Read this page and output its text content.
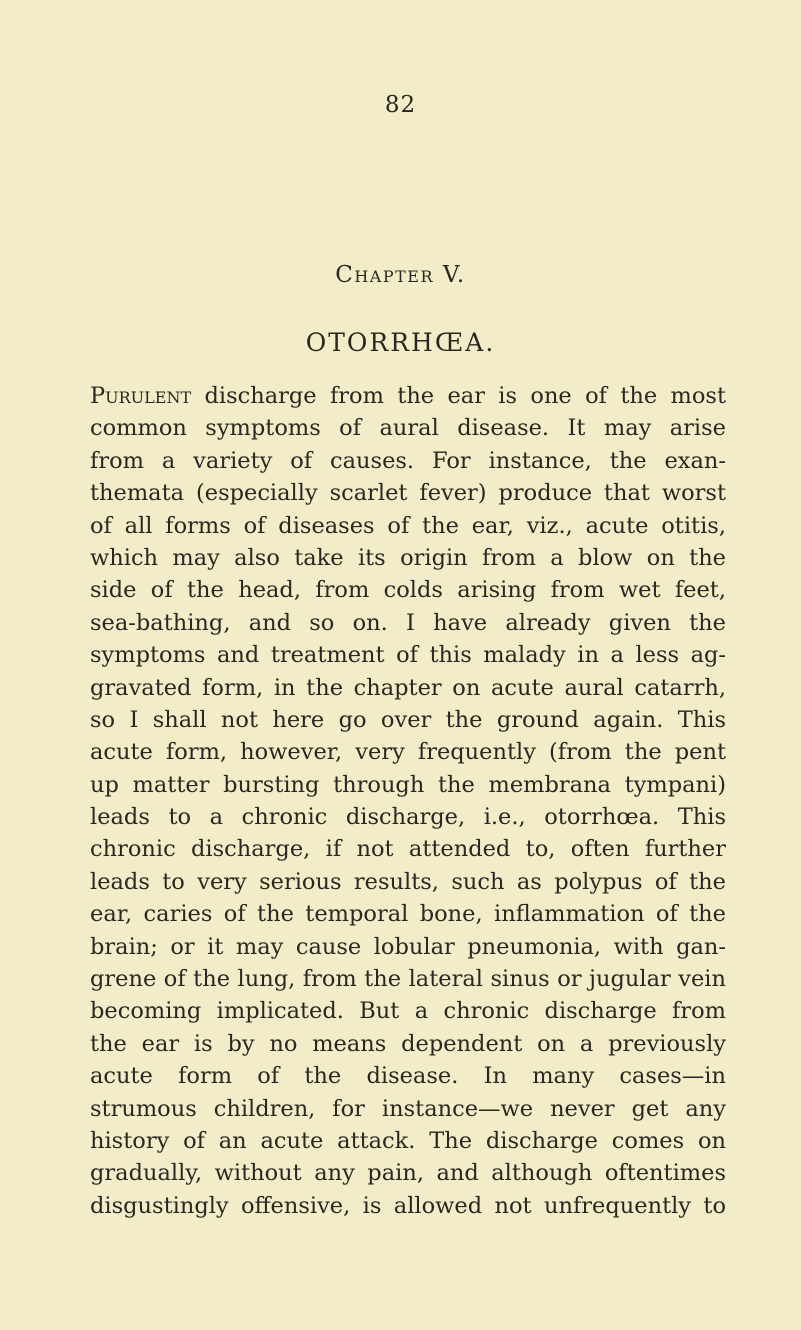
82
Chapter V.
OTORRHŒA.
Purulent discharge from the ear is one of the most
common symptoms of aural disease. It may arise
from a variety of causes. For instance, the exan-
themata (especially scarlet fever) produce that worst
of all forms of diseases of the ear, viz., acute otitis,
which may also take its origin from a blow on the
side of the head, from colds arising from wet feet,
sea-bathing, and so on. I have already given the
symptoms and treatment of this malady in a less ag-
gravated form, in the chapter on acute aural catarrh,
so I shall not here go over the ground again. This
acute form, however, very frequently (from the pent
up matter bursting through the membrana tympani)
leads to a chronic discharge, i.e., otorrhœa. This
chronic discharge, if not attended to, often further
leads to very serious results, such as polypus of the
ear, caries of the temporal bone, inflammation of the
brain; or it may cause lobular pneumonia, with gan-
grene of the lung, from the lateral sinus or jugular vein
becoming implicated. But a chronic discharge from
the ear is by no means dependent on a previously
acute form of the disease. In many cases—in
strumous children, for instance—we never get any
history of an acute attack. The discharge comes on
gradually, without any pain, and although oftentimes
disgustingly offensive, is allowed not unfrequently to
